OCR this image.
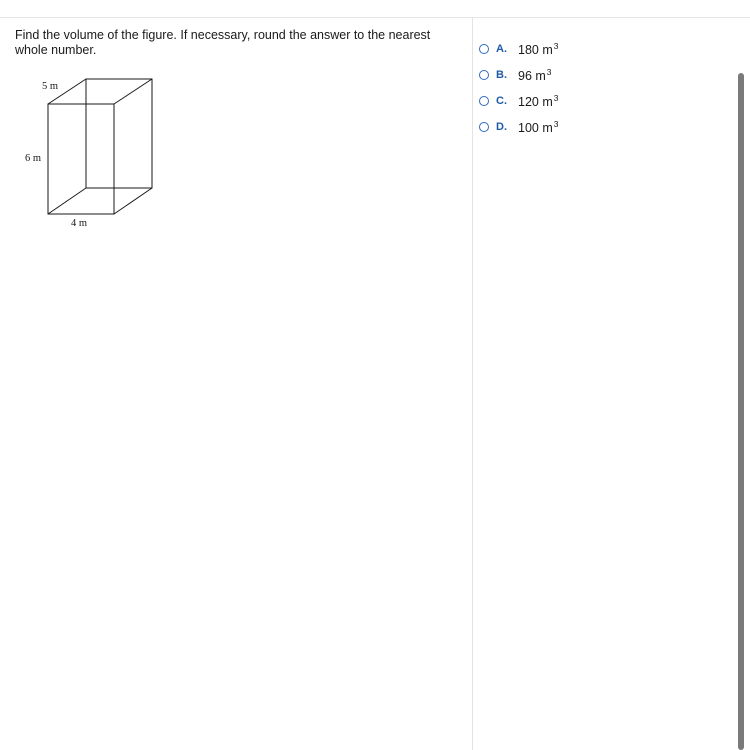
Find the volume of the figure. If necessary, round the answer to the nearest whole number.
5 m
6 m
4 m
A. 180 $m^3$
B. 96 $m^3$
C. 120 $m^3$
D. 100 $m^3$
